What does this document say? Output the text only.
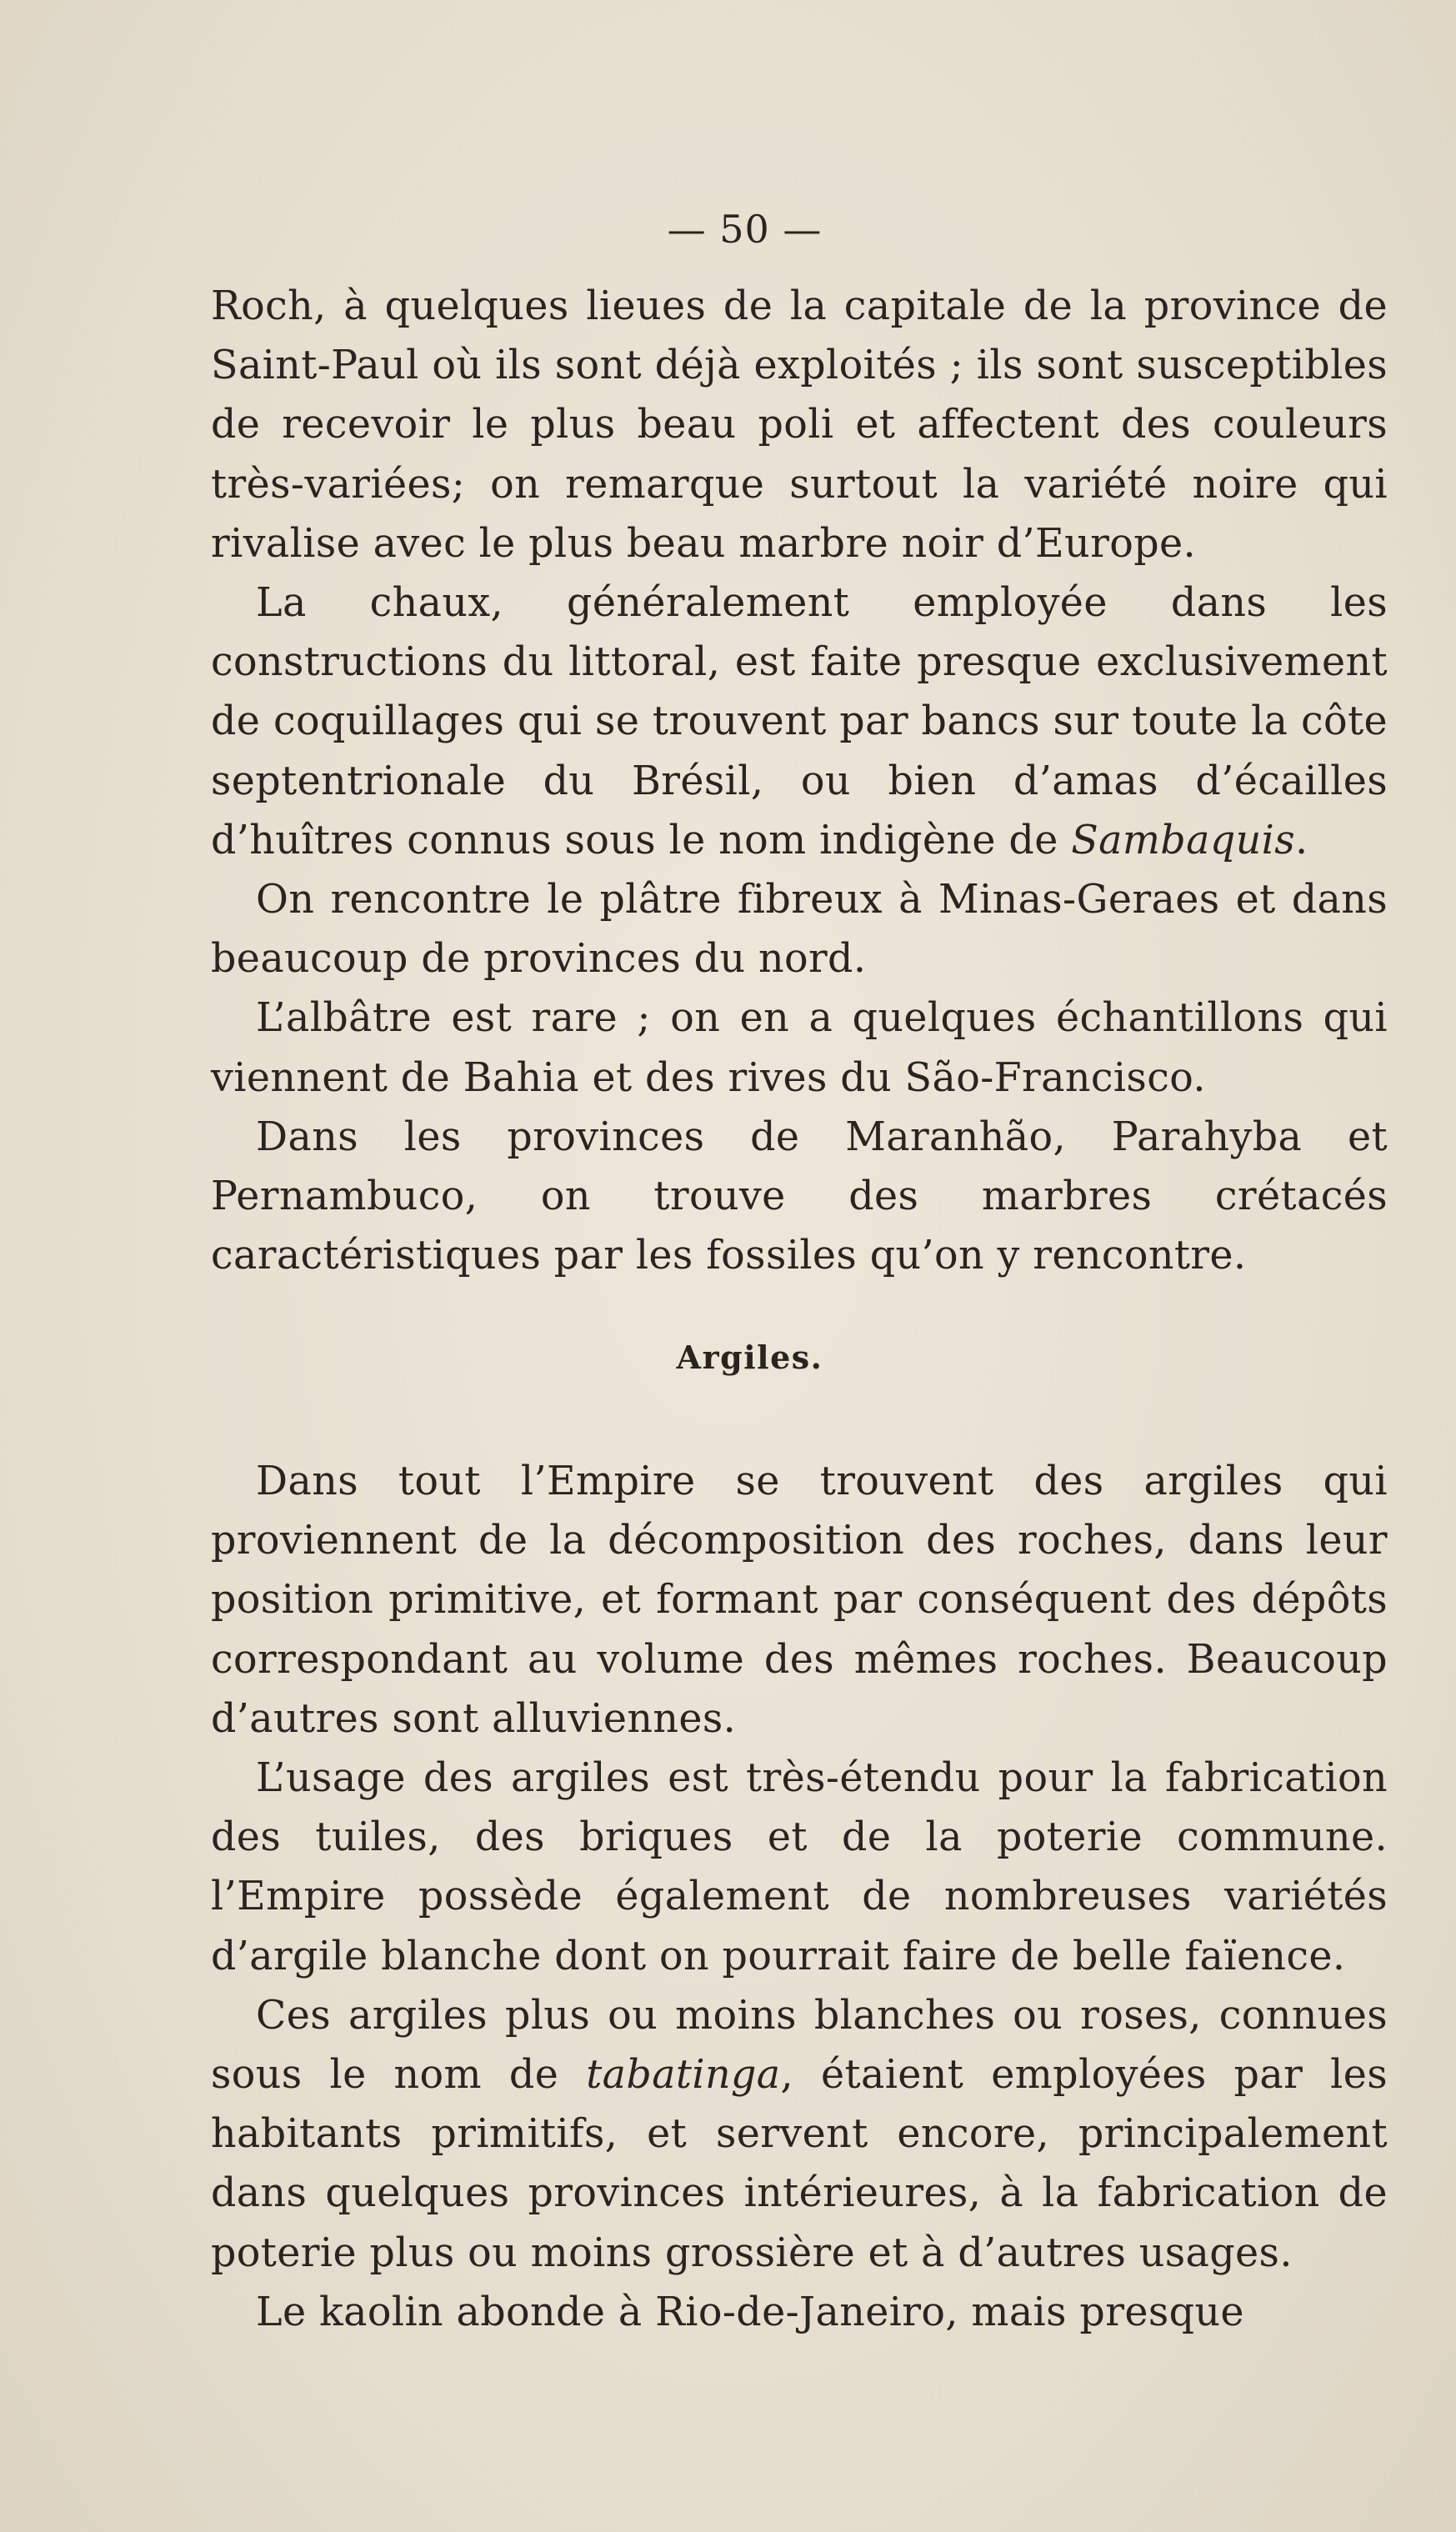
— 50 —

Roch, à quelques lieues de la capitale de la province de Saint-Paul où ils sont déjà exploités ; ils sont susceptibles de recevoir le plus beau poli et affectent des couleurs très-variées; on remarque surtout la variété noire qui rivalise avec le plus beau marbre noir d’Europe.

La chaux, généralement employée dans les constructions du littoral, est faite presque exclusivement de coquillages qui se trouvent par bancs sur toute la côte septentrionale du Brésil, ou bien d’amas d’écailles d’huîtres connus sous le nom indigène de Sambaquis.

On rencontre le plâtre fibreux à Minas-Geraes et dans beaucoup de provinces du nord.

L’albâtre est rare ; on en a quelques échantillons qui viennent de Bahia et des rives du São-Francisco.

Dans les provinces de Maranhão, Parahyba et Pernambuco, on trouve des marbres crétacés caractéristiques par les fossiles qu’on y rencontre.

Argiles.

Dans tout l’Empire se trouvent des argiles qui proviennent de la décomposition des roches, dans leur position primitive, et formant par conséquent des dépôts correspondant au volume des mêmes roches. Beaucoup d’autres sont alluviennes.

L’usage des argiles est très-étendu pour la fabrication des tuiles, des briques et de la poterie commune. l’Empire possède également de nombreuses variétés d’argile blanche dont on pourrait faire de belle faïence.

Ces argiles plus ou moins blanches ou roses, connues sous le nom de tabatinga, étaient employées par les habitants primitifs, et servent encore, principalement dans quelques provinces intérieures, à la fabrication de poterie plus ou moins grossière et à d’autres usages.

Le kaolin abonde à Rio-de-Janeiro, mais presque
